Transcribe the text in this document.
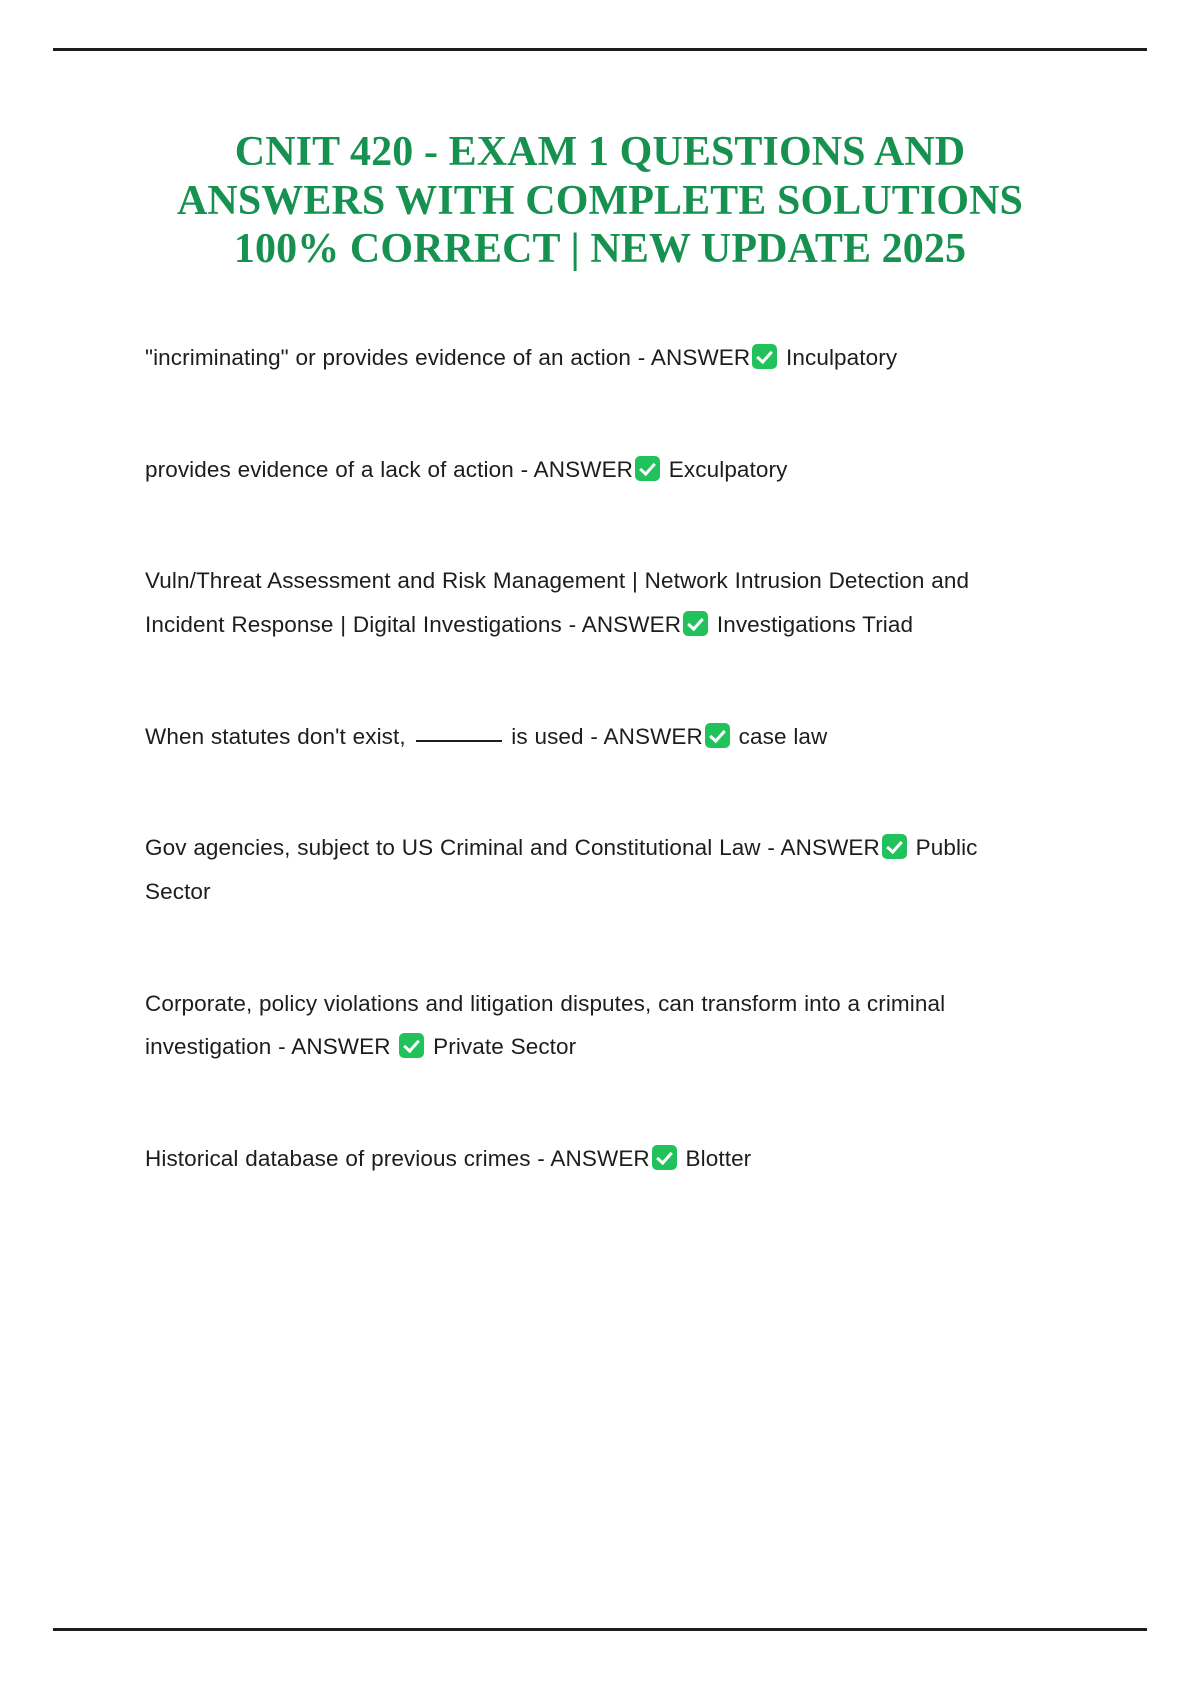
CNIT 420 - EXAM 1 QUESTIONS AND ANSWERS WITH COMPLETE SOLUTIONS 100% CORRECT | NEW UPDATE 2025
"incriminating" or provides evidence of an action - ANSWER Inculpatory
provides evidence of a lack of action - ANSWER Exculpatory
Vuln/Threat Assessment and Risk Management | Network Intrusion Detection and Incident Response | Digital Investigations - ANSWER Investigations Triad
When statutes don't exist,	is used - ANSWER case law
Gov agencies, subject to US Criminal and Constitutional Law - ANSWER Public Sector
Corporate, policy violations and litigation disputes, can transform into a criminal investigation - ANSWER Private Sector
Historical database of previous crimes - ANSWER Blotter
